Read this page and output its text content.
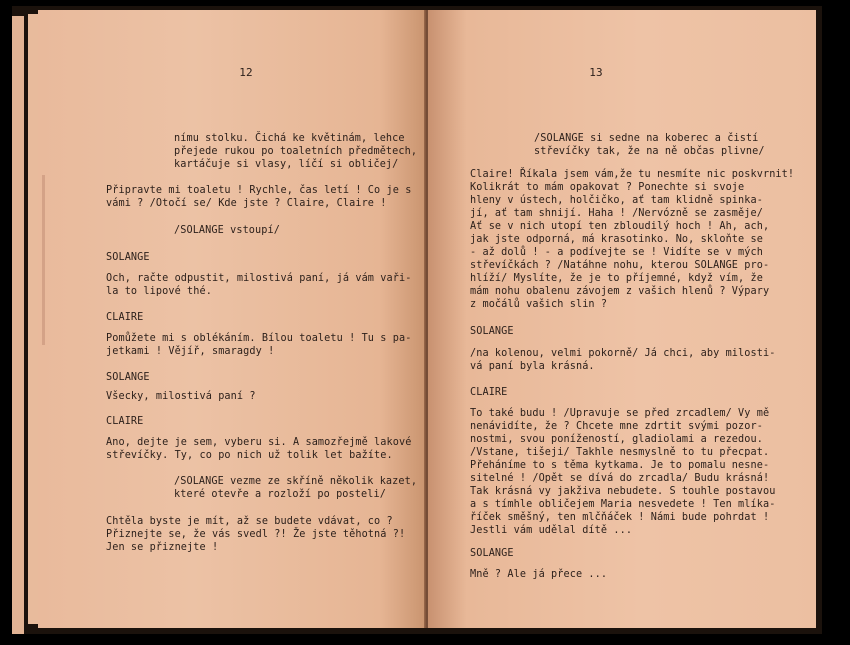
12
nímu stolku. Čichá ke květinám, lehce
přejede rukou po toaletních předmětech,
kartáčuje si vlasy, líčí si obličej/
Připravte mi toaletu ! Rychle, čas letí ! Co je s
vámi ? /Otočí se/ Kde jste ? Claire, Claire !
/SOLANGE vstoupí/
SOLANGE
Och, račte odpustit, milostivá paní, já vám vaři-
la to lipové thé.
CLAIRE
Pomůžete mi s oblékáním. Bílou toaletu ! Tu s pa-
jetkami ! Vějíř, smaragdy !
SOLANGE
Všecky, milostivá paní ?
CLAIRE
Ano, dejte je sem, vyberu si. A samozřejmě lakové
střevíčky. Ty, co po nich už tolik let bažíte.
/SOLANGE vezme ze skříně několik kazet,
které otevře a rozloží po posteli/
Chtěla byste je mít, až se budete vdávat, co ?
Přiznejte se, že vás svedl ?! Že jste těhotná ?!
Jen se přiznejte !
13
/SOLANGE si sedne na koberec a čistí
střevíčky tak, že na ně občas plivne/
Claire! Říkala jsem vám,že tu nesmíte nic poskvrnit!
Kolikrát to mám opakovat ? Ponechte si svoje
hleny v ústech, holčičko, ať tam klidně spinka-
jí, ať tam shnijí. Haha ! /Nervózně se zasměje/
Ať se v nich utopí ten zbloudilý hoch ! Ah, ach,
jak jste odporná, má krasotinko. No, skloňte se
- až dolů ! - a podívejte se ! Vidíte se v mých
střevíčkách ? /Natáhne nohu, kterou SOLANGE pro-
hlíží/ Myslíte, že je to příjemné, když vím, že
mám nohu obalenu závojem z vašich hlenů ? Výpary
z močálů vašich slin ?
SOLANGE
/na kolenou, velmi pokorně/ Já chci, aby milosti-
vá paní byla krásná.
CLAIRE
To také budu ! /Upravuje se před zrcadlem/ Vy mě
nenávidíte, že ? Chcete mne zdrtit svými pozor-
nostmi, svou ponížeností, gladiolami a rezedou.
/Vstane, tišeji/ Takhle nesmyslně to tu přecpat.
Přeháníme to s těma kytkama. Je to pomalu nesne-
sitelné ! /Opět se dívá do zrcadla/ Budu krásná!
Tak krásná vy jakživa nebudete. S touhle postavou
a s tímhle obličejem Maria nesvedete ! Ten mlíka-
říček směšný, ten mlčňáček ! Námi bude pohrdat !
Jestli vám udělal dítě ...
SOLANGE
Mně ? Ale já přece ...
